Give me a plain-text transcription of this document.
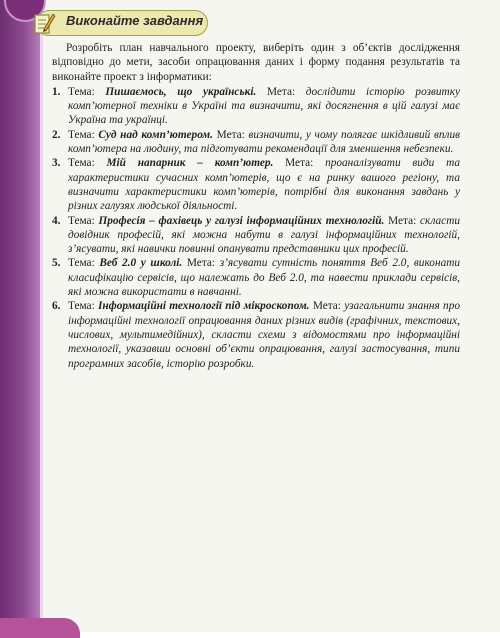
Виконайте завдання

Розробіть план навчального проекту, виберіть один з об’єктів дослідження відповідно до мети, засоби опрацювання даних і форму подання результатів та виконайте проект з інформатики:

1. Тема: Пишаємось, що українські. Мета: дослідити історію розвитку комп’ютерної техніки в Україні та визначити, які досягнення в цій галузі має Україна та українці.
2. Тема: Суд над комп’ютером. Мета: визначити, у чому полягає шкідливий вплив комп’ютера на людину, та підготувати рекомендації для зменшення небезпеки.
3. Тема: Мій напарник – комп’ютер. Мета: проаналізувати види та характеристики сучасних комп’ютерів, що є на ринку вашого регіону, та визначити характеристики комп’ютерів, потрібні для виконання завдань у різних галузях людської діяльності.
4. Тема: Професія – фахівець у галузі інформаційних технологій. Мета: скласти довідник професій, які можна набути в галузі інформаційних технологій, з’ясувати, які навички повинні опанувати представники цих професій.
5. Тема: Веб 2.0 у школі. Мета: з’ясувати сутність поняття Веб 2.0, виконати класифікацію сервісів, що належать до Веб 2.0, та навести приклади сервісів, які можна використати в навчанні.
6. Тема: Інформаційні технології під мікроскопом. Мета: узагальнити знання про інформаційні технології опрацювання даних різних видів (графічних, текстових, числових, мультимедійних), скласти схеми з відомостями про інформаційні технології, указавши основні об’єкти опрацювання, галузі застосування, типи програмних засобів, історію розробки.
